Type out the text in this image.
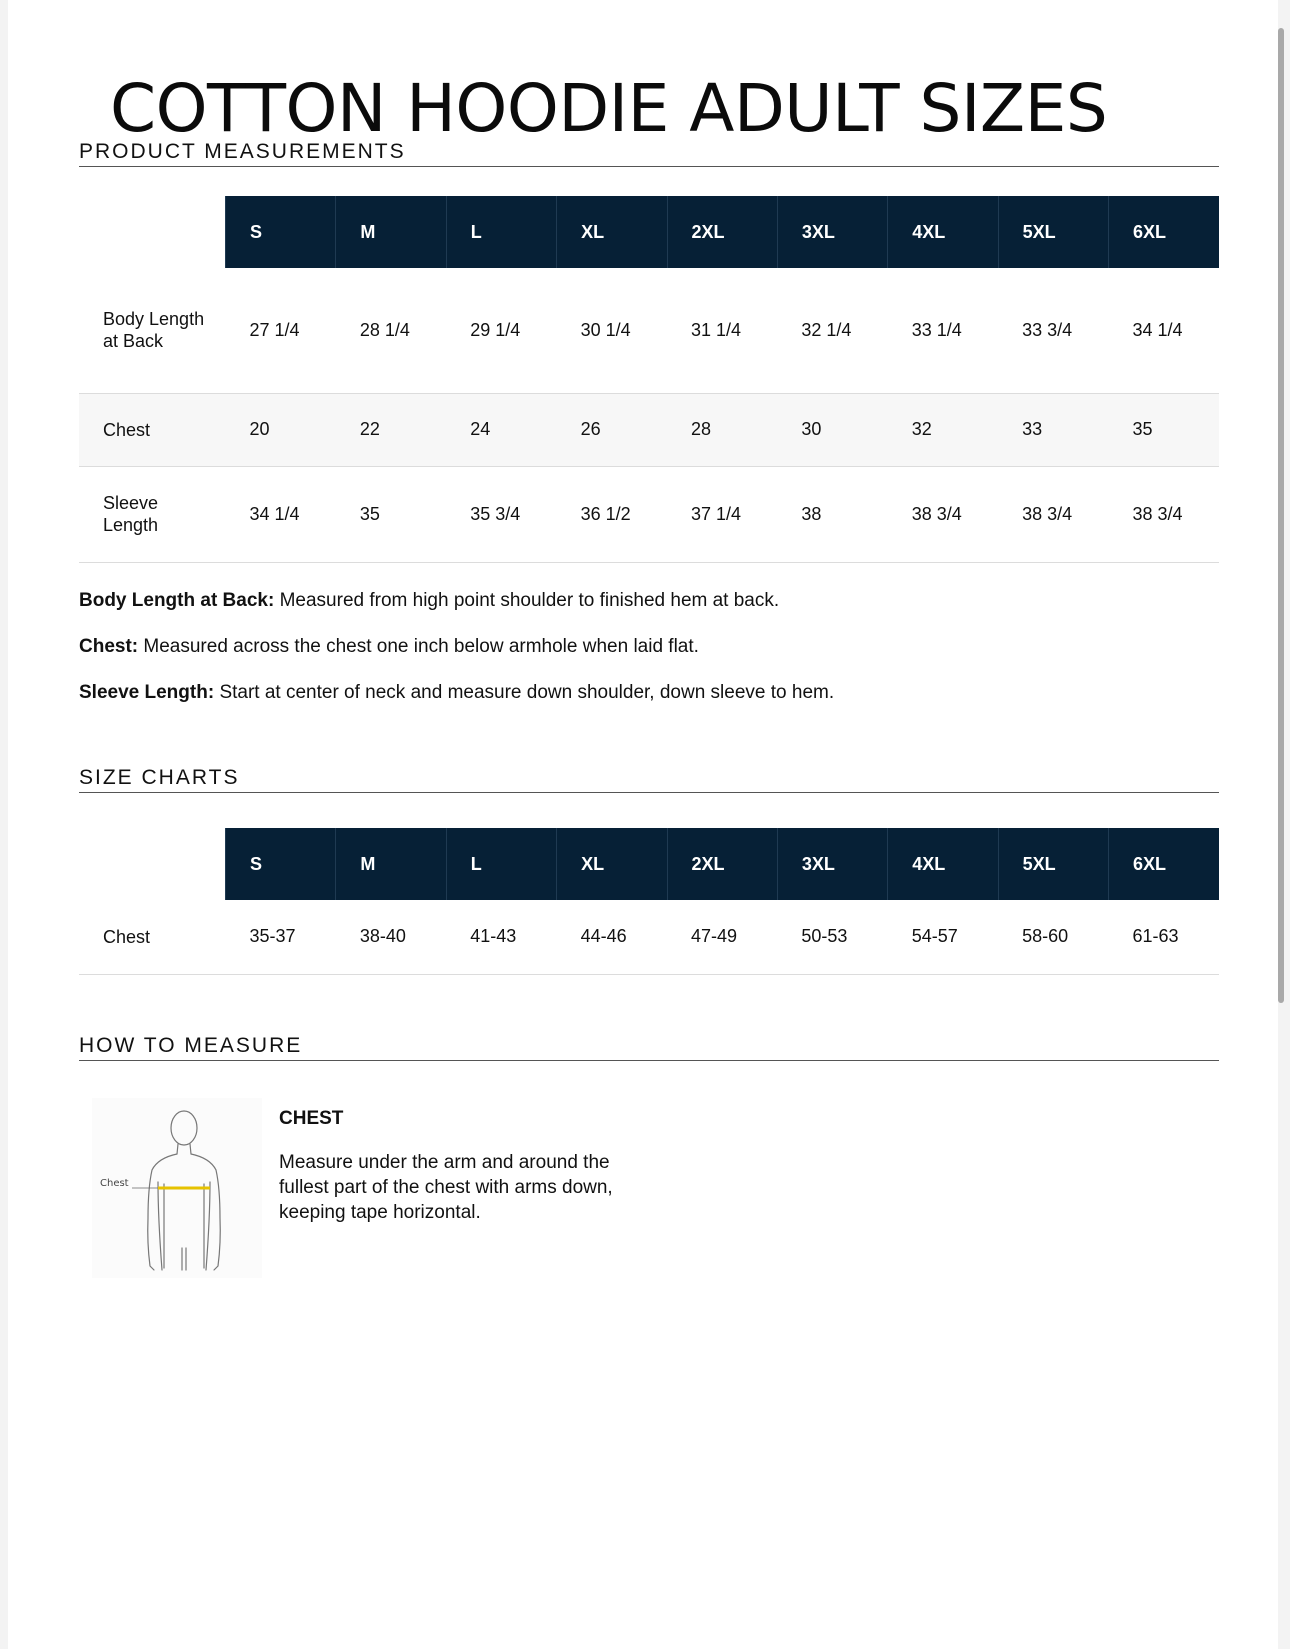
COTTON HOODIE ADULT SIZES
PRODUCT MEASUREMENTS
	S	M	L	XL	2XL	3XL	4XL	5XL	6XL
Body Length at Back	27 1/4	28 1/4	29 1/4	30 1/4	31 1/4	32 1/4	33 1/4	33 3/4	34 1/4
Chest	20	22	24	26	28	30	32	33	35
Sleeve Length	34 1/4	35	35 3/4	36 1/2	37 1/4	38	38 3/4	38 3/4	38 3/4

Body Length at Back: Measured from high point shoulder to finished hem at back.

Chest: Measured across the chest one inch below armhole when laid flat.

Sleeve Length: Start at center of neck and measure down shoulder, down sleeve to hem.

SIZE CHARTS
	S	M	L	XL	2XL	3XL	4XL	5XL	6XL
Chest	35-37	38-40	41-43	44-46	47-49	50-53	54-57	58-60	61-63
HOW TO MEASURE
Chest
CHEST

Measure under the arm and around the fullest part of the chest with arms down, keeping tape horizontal.
